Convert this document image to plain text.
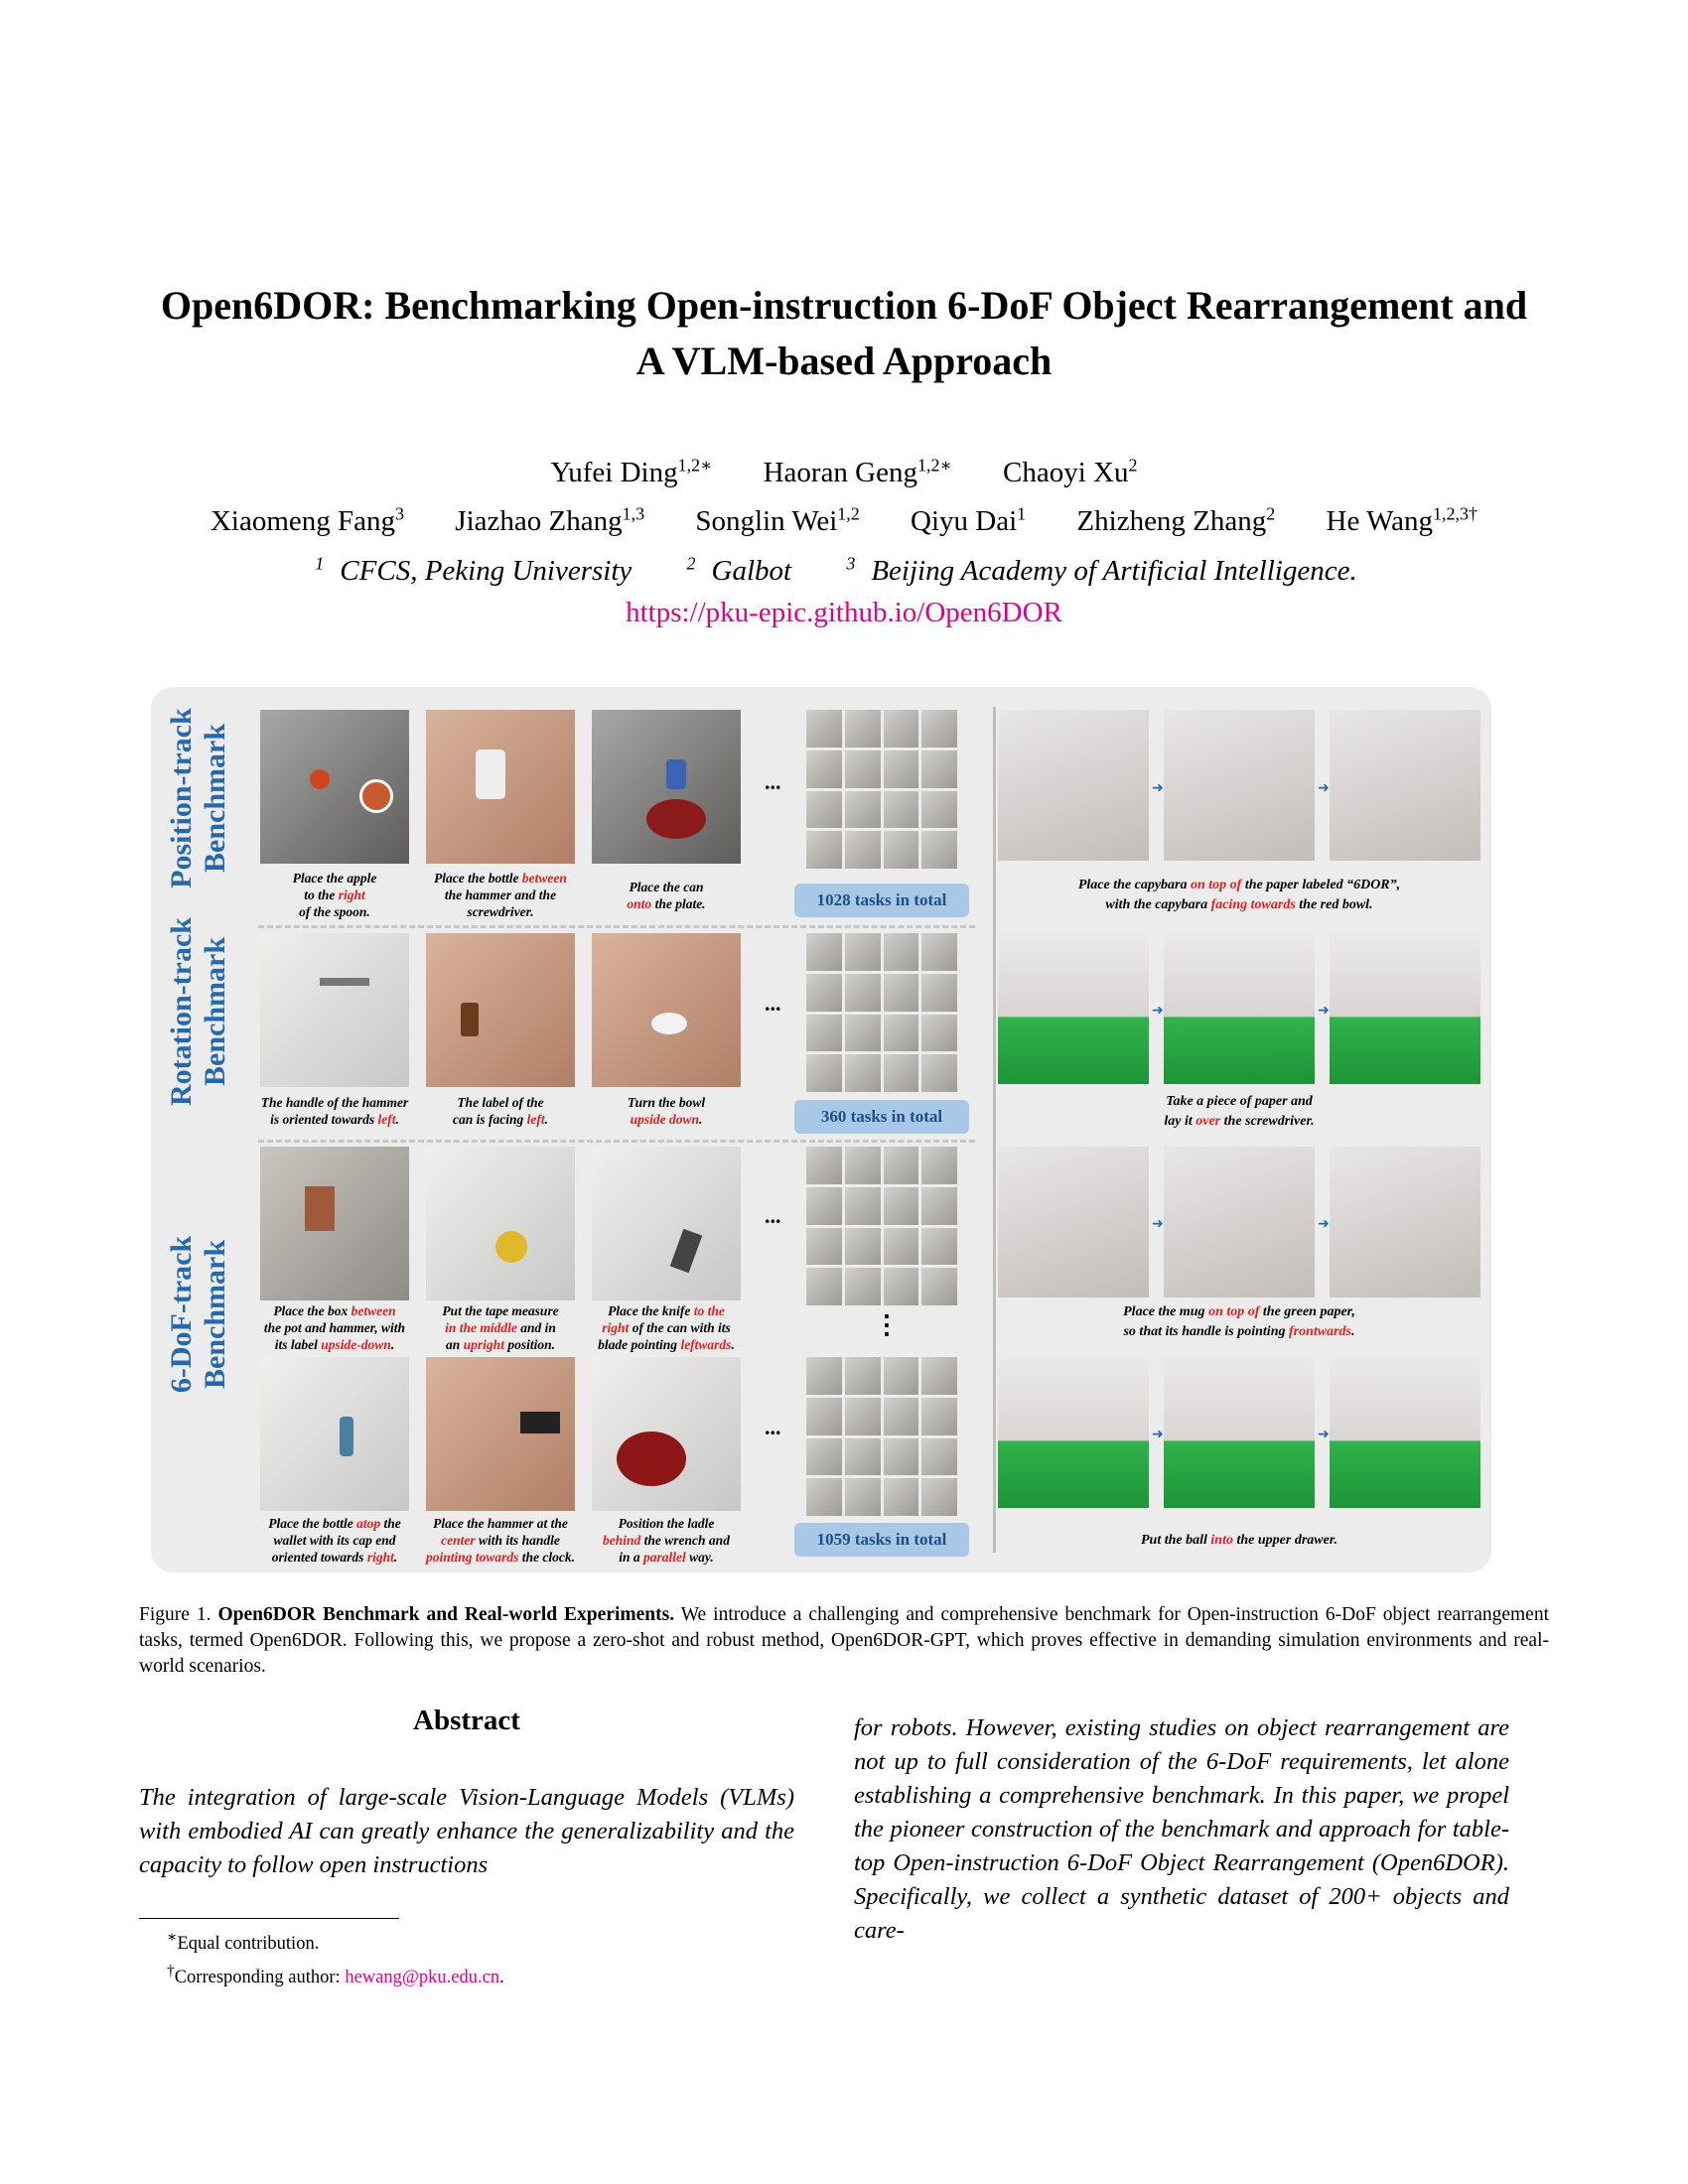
Open6DOR: Benchmarking Open-instruction 6-DoF Object Rearrangement and
A VLM-based Approach
Yufei Ding$^{1,2∗}$ Haoran Geng$^{1,2∗}$ Chaoyi Xu$^2$
Xiaomeng Fang$^3$ Jiazhao Zhang$^{1,3}$ Songlin Wei$^{1,2}$ Qiyu Dai$^1$ Zhizheng Zhang$^2$ He Wang$^{1,2,3\dagger}$
$^1$ CFCS, Peking University	$^2$ Galbot	$^3$ Beijing Academy of Artificial Intelligence.
https://pku-epic.github.io/Open6DOR
Position-track Benchmark
Rotation-track Benchmark
6-DoF-track Benchmark
Place the apple
to the right
of the spoon.
Place the bottle between
the hammer and the
screwdriver.
Place the can
onto the plate.
...
1028 tasks in total
The handle of the hammer
is oriented towards left.
The label of the
can is facing left.
Turn the bowl
upside down.
...
360 tasks in total
Place the box between
the pot and hammer, with
its label upside-down.
Put the tape measure
in the middle and in
an upright position.
Place the knife to the
right of the can with its
blade pointing leftwards.
...
⋮
Place the bottle atop the
wallet with its cap end
oriented towards right.
Place the hammer at the
center with its handle
pointing towards the clock.
Position the ladle
behind the wrench and
in a parallel way.
...
1059 tasks in total
➜	➜
Place the capybara on top of the paper labeled “6DOR”,
with the capybara facing towards the red bowl.
➜	➜
Take a piece of paper and
lay it over the screwdriver.
➜	➜
Place the mug on top of the green paper,
so that its handle is pointing frontwards.
➜	➜
Put the ball into the upper drawer.
Figure 1. Open6DOR Benchmark and Real-world Experiments. We introduce a challenging and comprehensive benchmark for Open-instruction 6-DoF object rearrangement tasks, termed Open6DOR. Following this, we propose a zero-shot and robust method, Open6DOR-GPT, which proves effective in demanding simulation environments and real-world scenarios.
Abstract
The integration of large-scale Vision-Language Models (VLMs) with embodied AI can greatly enhance the generalizability and the capacity to follow open instructions
for robots. However, existing studies on object rearrangement are not up to full consideration of the 6-DoF requirements, let alone establishing a comprehensive benchmark. In this paper, we propel the pioneer construction of the benchmark and approach for table-top Open-instruction 6-DoF Object Rearrangement (Open6DOR). Specifically, we collect a synthetic dataset of 200+ objects and care-
∗Equal contribution.
†Corresponding author: hewang@pku.edu.cn.
